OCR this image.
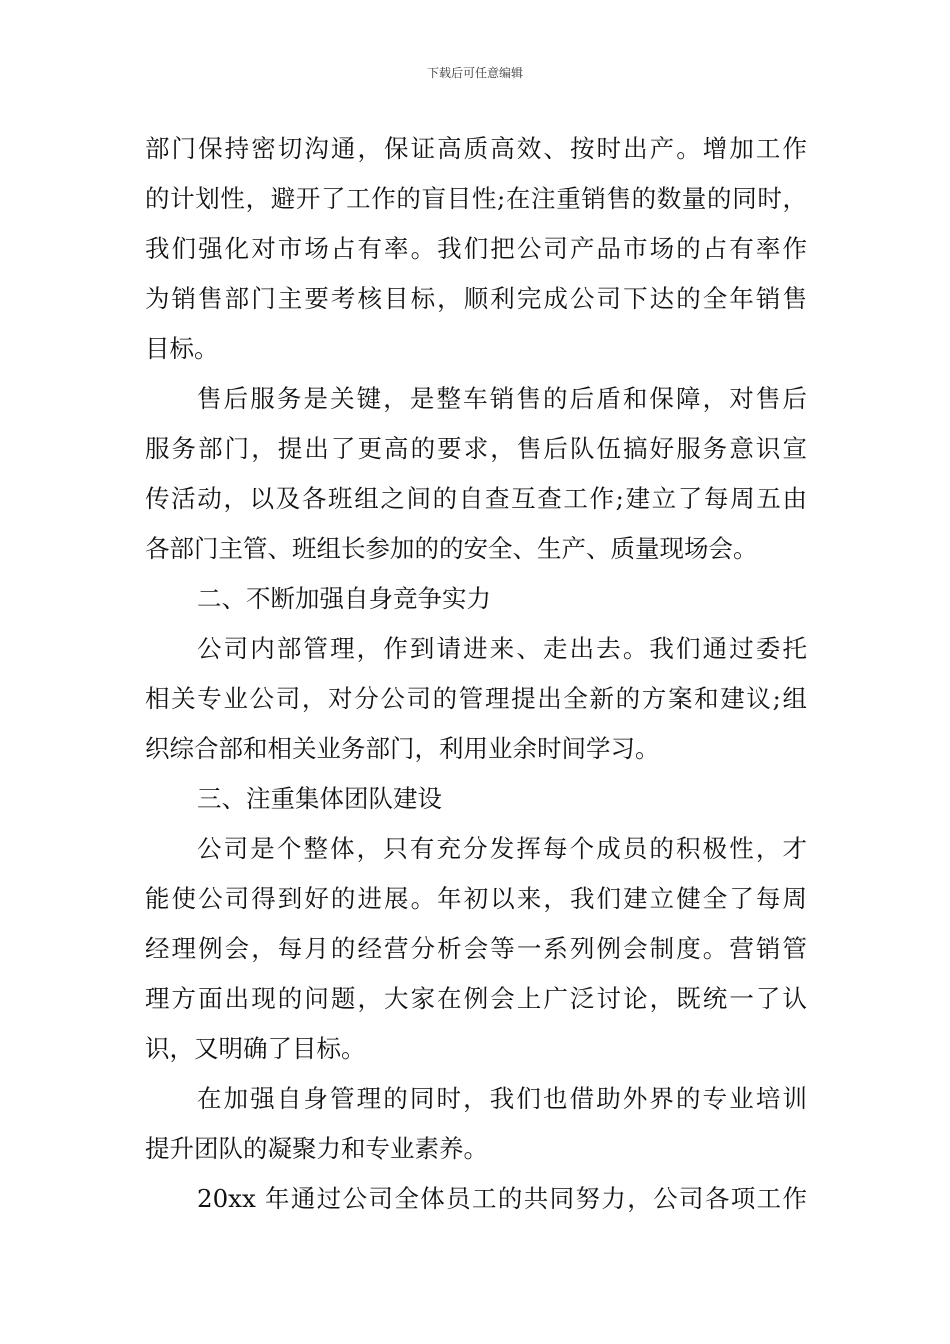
下载后可任意编辑
部门保持密切沟通，保证高质高效、按时出产。增加工作
的计划性，避开了工作的盲目性;在注重销售的数量的同时，
我们强化对市场占有率。我们把公司产品市场的占有率作
为销售部门主要考核目标，顺利完成公司下达的全年销售
目标。
售后服务是关键，是整车销售的后盾和保障，对售后
服务部门，提出了更高的要求，售后队伍搞好服务意识宣
传活动，以及各班组之间的自查互查工作;建立了每周五由
各部门主管、班组长参加的的安全、生产、质量现场会。
二、不断加强自身竞争实力
公司内部管理，作到请进来、走出去。我们通过委托
相关专业公司，对分公司的管理提出全新的方案和建议;组
织综合部和相关业务部门，利用业余时间学习。
三、注重集体团队建设
公司是个整体，只有充分发挥每个成员的积极性，才
能使公司得到好的进展。年初以来，我们建立健全了每周
经理例会，每月的经营分析会等一系列例会制度。营销管
理方面出现的问题，大家在例会上广泛讨论，既统一了认
识，又明确了目标。
在加强自身管理的同时，我们也借助外界的专业培训
提升团队的凝聚力和专业素养。
20xx 年通过公司全体员工的共同努力，公司各项工作
